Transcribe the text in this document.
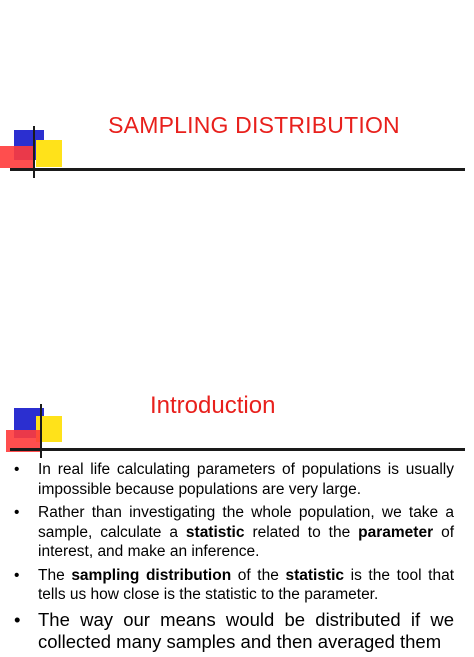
SAMPLING DISTRIBUTION
Introduction
• In real life calculating parameters of populations is usually impossible because populations are very large.
• Rather than investigating the whole population, we take a sample, calculate a statistic related to the parameter of interest, and make an inference.
• The sampling distribution of the statistic is the tool that tells us how close is the statistic to the parameter.
• The way our means would be distributed if we collected many samples and then averaged them
